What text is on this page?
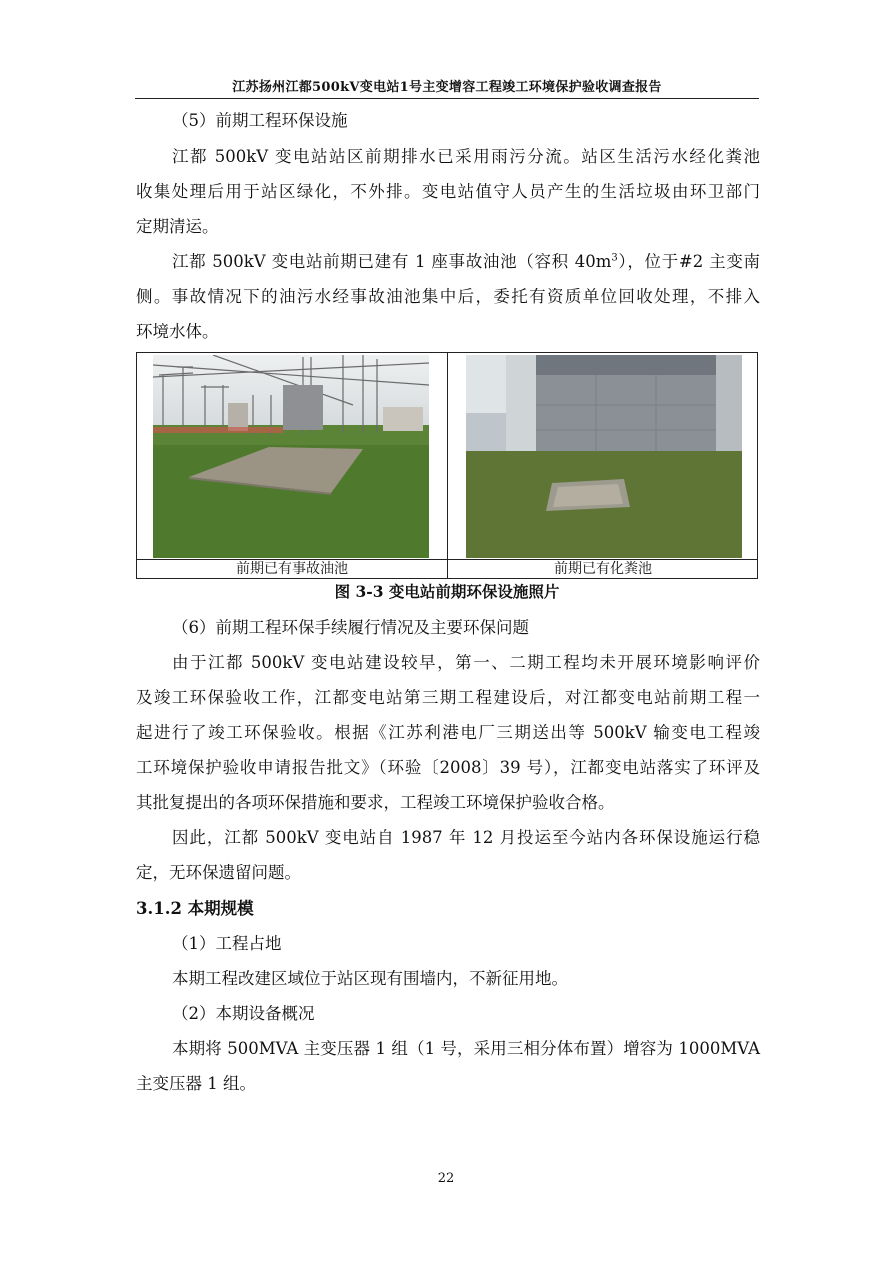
江苏扬州江都500kV变电站1号主变增容工程竣工环境保护验收调查报告

（5）前期工程环保设施

江都 500kV 变电站站区前期排水已采用雨污分流。站区生活污水经化粪池
收集处理后用于站区绿化，不外排。变电站值守人员产生的生活垃圾由环卫部门
定期清运。

江都 500kV 变电站前期已建有 1 座事故油池（容积 $40m^3$），位于#2 主变南
侧。事故情况下的油污水经事故油池集中后，委托有资质单位回收处理，不排入
环境水体。

前期已有事故油池	前期已有化粪池
图 3-3 变电站前期环保设施照片

（6）前期工程环保手续履行情况及主要环保问题

由于江都 500kV 变电站建设较早，第一、二期工程均未开展环境影响评价
及竣工环保验收工作，江都变电站第三期工程建设后，对江都变电站前期工程一
起进行了竣工环保验收。根据《江苏利港电厂三期送出等 500kV 输变电工程竣
工环境保护验收申请报告批文》（环验〔2008〕39 号），江都变电站落实了环评及
其批复提出的各项环保措施和要求，工程竣工环境保护验收合格。

因此，江都 500kV 变电站自 1987 年 12 月投运至今站内各环保设施运行稳
定，无环保遗留问题。

3.1.2 本期规模

（1）工程占地

本期工程改建区域位于站区现有围墙内，不新征用地。

（2）本期设备概况

本期将 500MVA 主变压器 1 组（1 号，采用三相分体布置）增容为 1000MVA
主变压器 1 组。

22
